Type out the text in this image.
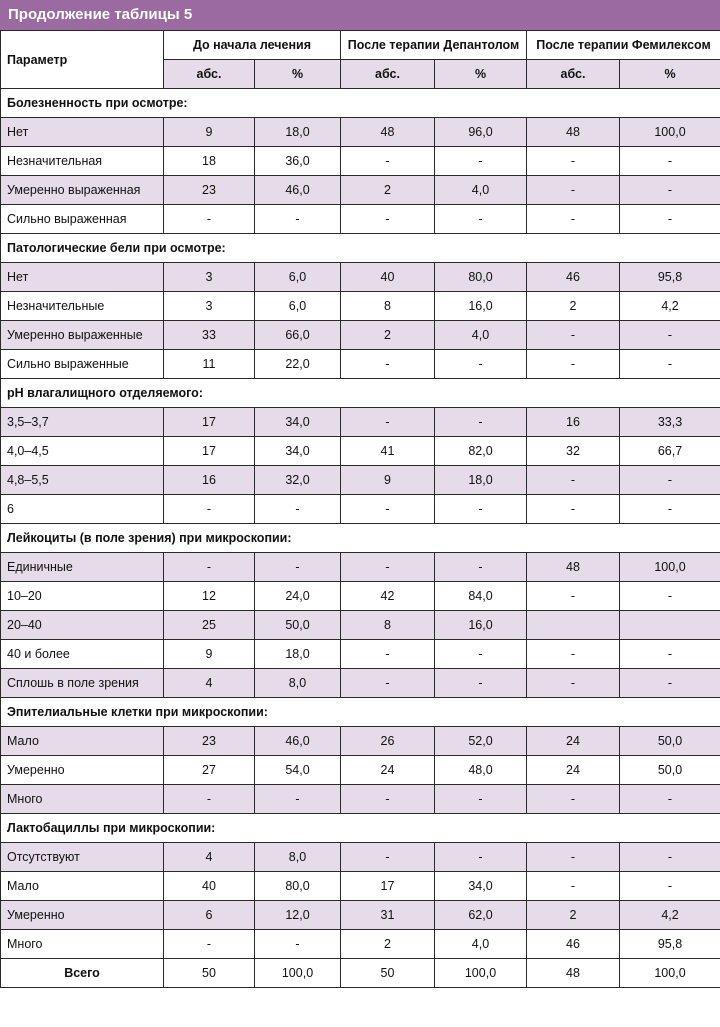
Продолжение таблицы 5
Параметр	До начала лечения		После терапии Депантолом		После терапии Фемилексом	
	абс.	%	абс.	%	абс.	%
Болезненность при осмотре:						
Нет	9	18,0	48	96,0	48	100,0
Незначительная	18	36,0	-	-	-	-
Умеренно выраженная	23	46,0	2	4,0	-	-
Сильно выраженная	-	-	-	-	-	-
Патологические бели при осмотре:						
Нет	3	6,0	40	80,0	46	95,8
Незначительные	3	6,0	8	16,0	2	4,2
Умеренно выраженные	33	66,0	2	4,0	-	-
Сильно выраженные	11	22,0	-	-	-	-
pH влагалищного отделяемого:						
3,5–3,7	17	34,0	-	-	16	33,3
4,0–4,5	17	34,0	41	82,0	32	66,7
4,8–5,5	16	32,0	9	18,0	-	-
6	-	-	-	-	-	-
Лейкоциты (в поле зрения) при микроскопии:						
Единичные	-	-	-	-	48	100,0
10–20	12	24,0	42	84,0	-	-
20–40	25	50,0	8	16,0		
40 и более	9	18,0	-	-	-	-
Сплошь в поле зрения	4	8,0	-	-	-	-
Эпителиальные клетки при микроскопии:						
Мало	23	46,0	26	52,0	24	50,0
Умеренно	27	54,0	24	48,0	24	50,0
Много	-	-	-	-	-	-
Лактобациллы при микроскопии:						
Отсутствуют	4	8,0	-	-	-	-
Мало	40	80,0	17	34,0	-	-
Умеренно	6	12,0	31	62,0	2	4,2
Много	-	-	2	4,0	46	95,8
Всего	50	100,0	50	100,0	48	100,0
